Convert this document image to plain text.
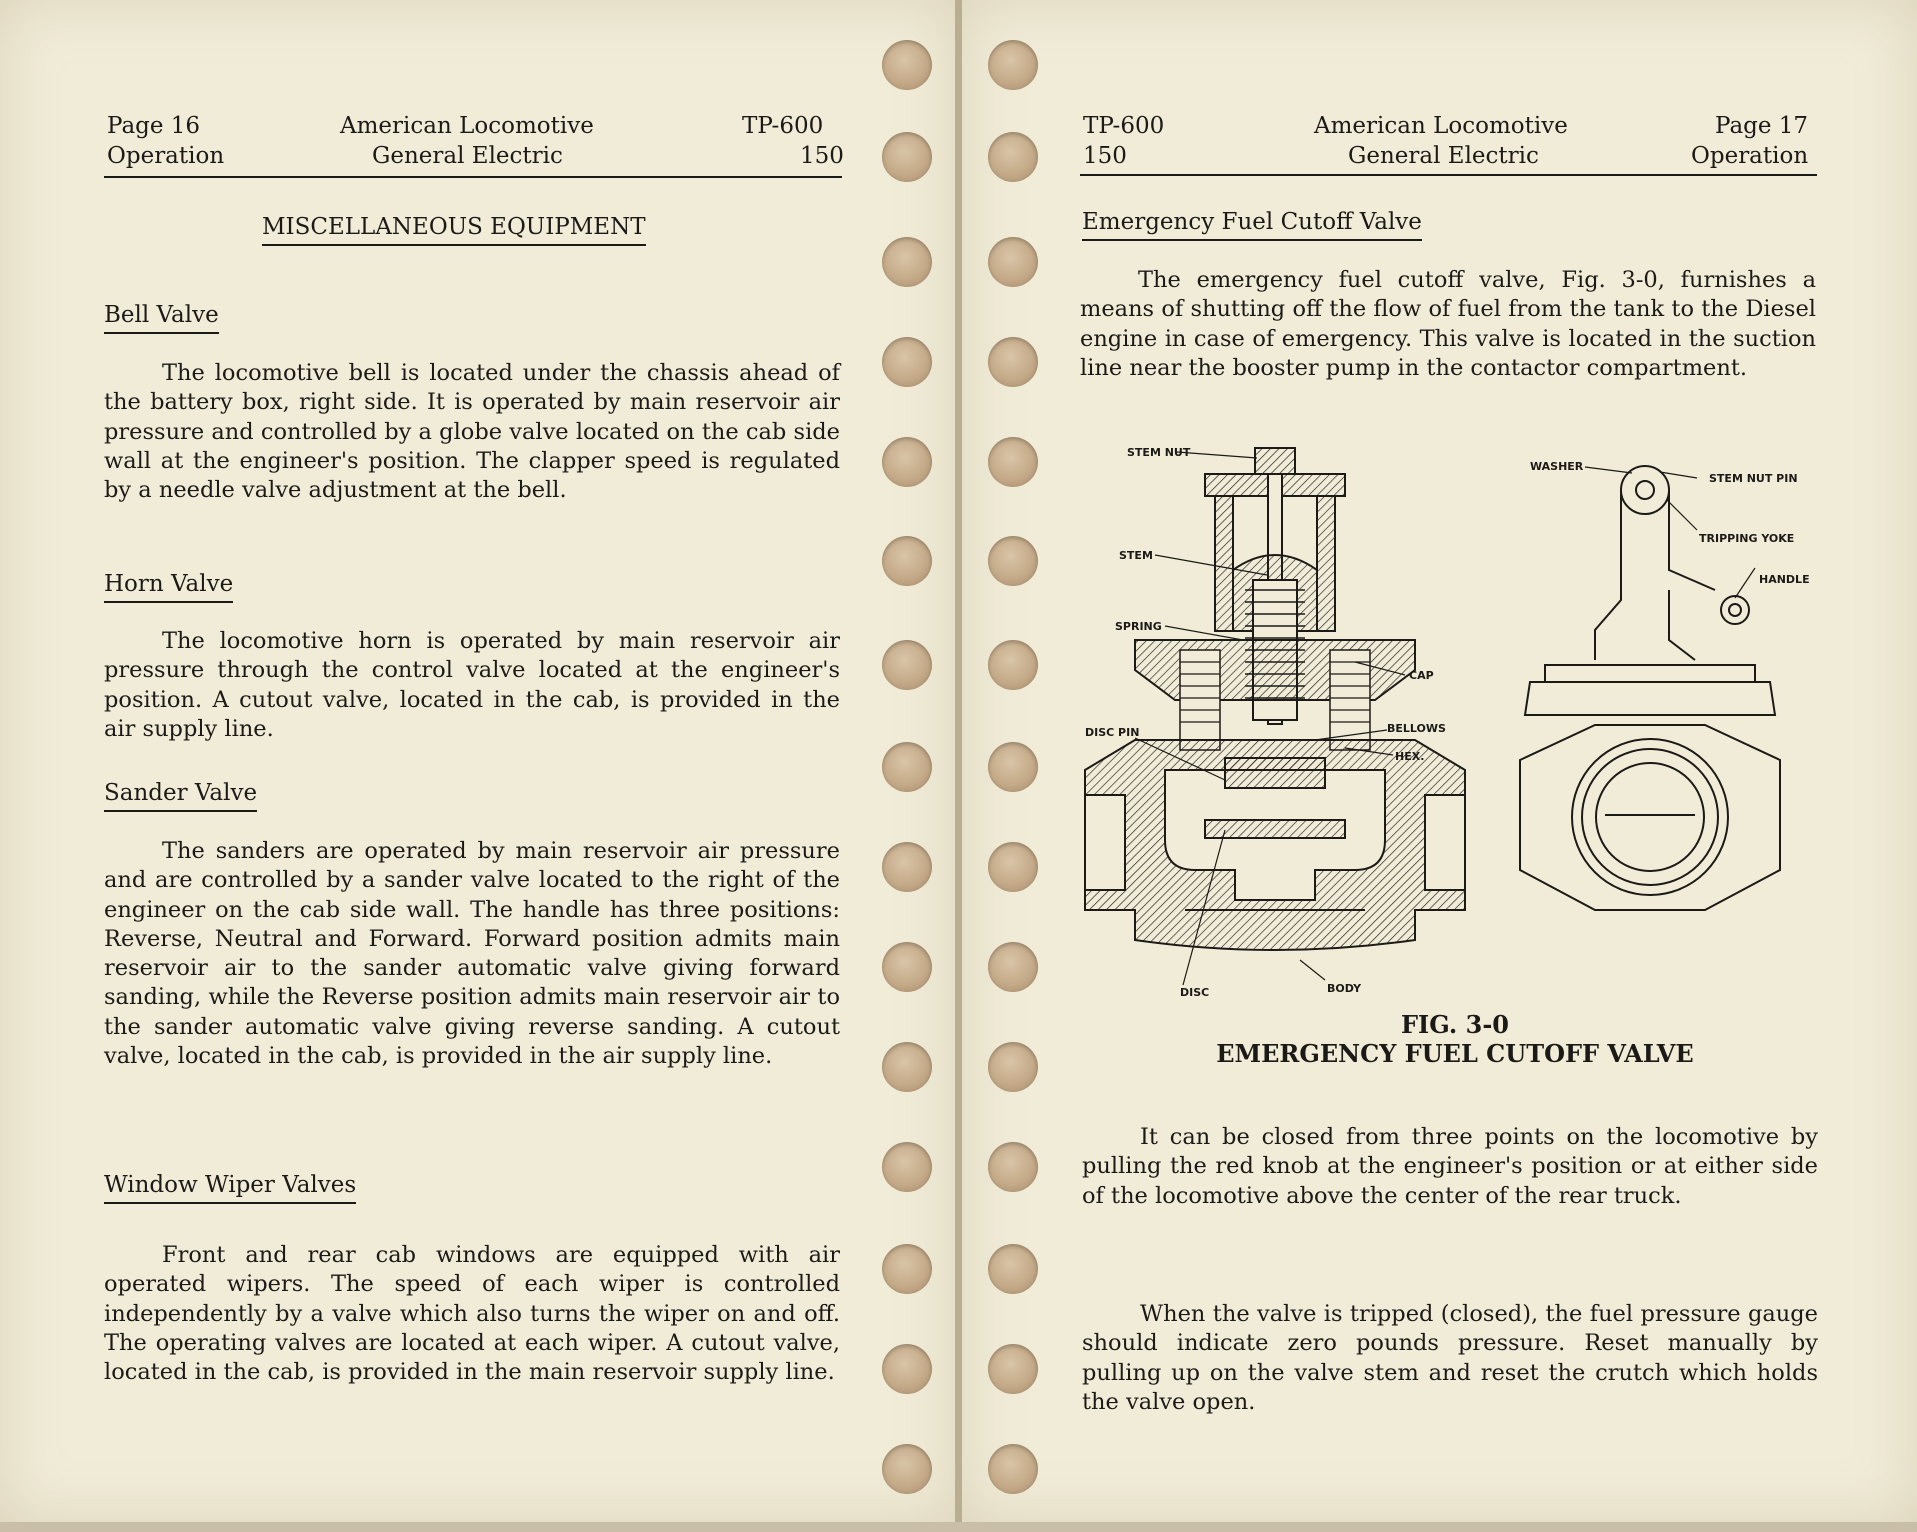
Page 16
Operation
American Locomotive
General Electric
TP-600
150
MISCELLANEOUS EQUIPMENT
Bell Valve

The locomotive bell is located under the chassis ahead of the battery box, right side. It is operated by main reservoir air pressure and controlled by a globe valve located on the cab side wall at the engineer's position. The clapper speed is regulated by a needle valve adjustment at the bell.

Horn Valve

The locomotive horn is operated by main reservoir air pressure through the control valve located at the engineer's position. A cutout valve, located in the cab, is provided in the air supply line.

Sander Valve

The sanders are operated by main reservoir air pressure and are controlled by a sander valve located to the right of the engineer on the cab side wall. The handle has three positions: Reverse, Neutral and Forward. Forward position admits main reservoir air to the sander automatic valve giving forward sanding, while the Reverse position admits main reservoir air to the sander automatic valve giving reverse sanding. A cutout valve, located in the cab, is provided in the air supply line.

Window Wiper Valves

Front and rear cab windows are equipped with air operated wipers. The speed of each wiper is controlled independently by a valve which also turns the wiper on and off. The operating valves are located at each wiper. A cutout valve, located in the cab, is provided in the main reservoir supply line.

TP-600
150
American Locomotive
General Electric
Page 17
Operation
Emergency Fuel Cutoff Valve

The emergency fuel cutoff valve, Fig. 3-0, furnishes a means of shutting off the flow of fuel from the tank to the Diesel engine in case of emergency. This valve is located in the suction line near the booster pump in the contactor compartment.

STEM NUT
STEM
SPRING
CAP
BELLOWS
HEX.
DISC PIN
DISC	BODY
WASHER
STEM NUT PIN
TRIPPING YOKE
HANDLE
FIG. 3-0
EMERGENCY FUEL CUTOFF VALVE

It can be closed from three points on the locomotive by pulling the red knob at the engineer's position or at either side of the locomotive above the center of the rear truck.

When the valve is tripped (closed), the fuel pressure gauge should indicate zero pounds pressure. Reset manually by pulling up on the valve stem and reset the crutch which holds the valve open.
